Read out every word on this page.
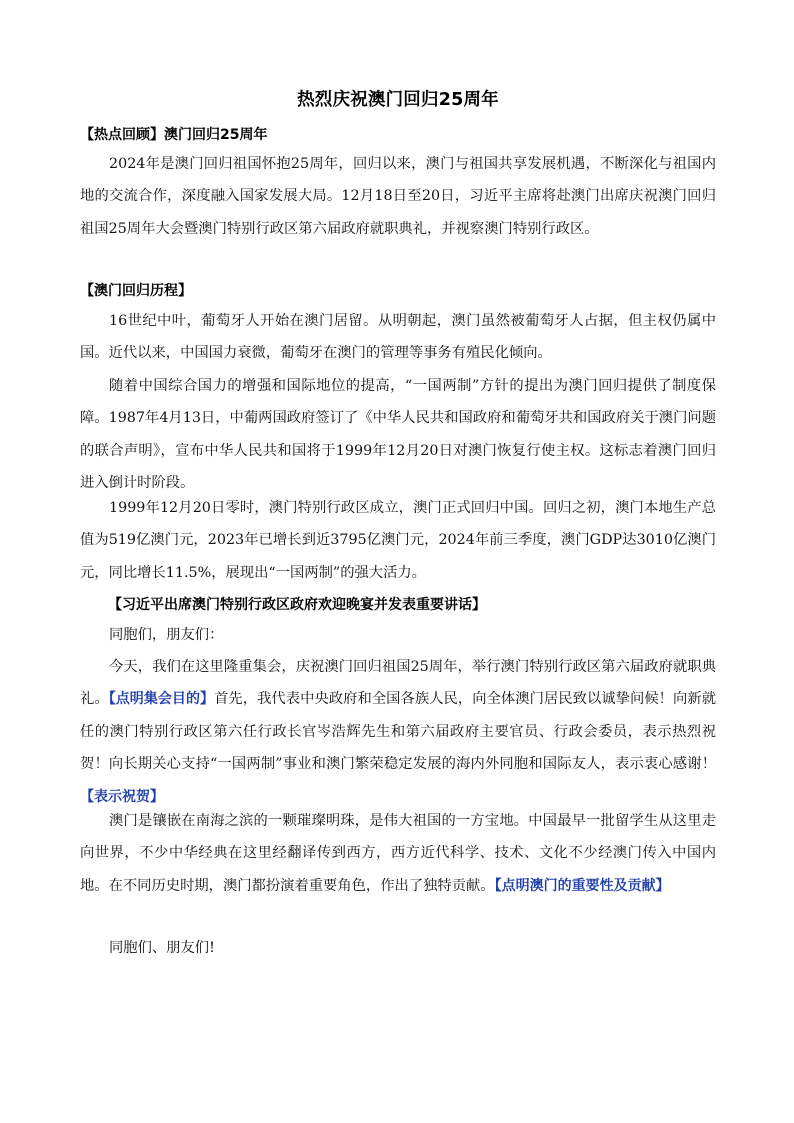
热烈庆祝澳门回归25周年
【热点回顾】澳门回归25周年
2024年是澳门回归祖国怀抱25周年，回归以来，澳门与祖国共享发展机遇，不断深化与祖国内地的交流合作，深度融入国家发展大局。12月18日至20日，习近平主席将赴澳门出席庆祝澳门回归祖国25周年大会暨澳门特别行政区第六届政府就职典礼，并视察澳门特别行政区。
【澳门回归历程】
16世纪中叶，葡萄牙人开始在澳门居留。从明朝起，澳门虽然被葡萄牙人占据，但主权仍属中国。近代以来，中国国力衰微，葡萄牙在澳门的管理等事务有殖民化倾向。
随着中国综合国力的增强和国际地位的提高，“一国两制”方针的提出为澳门回归提供了制度保障。1987年4月13日，中葡两国政府签订了《中华人民共和国政府和葡萄牙共和国政府关于澳门问题的联合声明》，宣布中华人民共和国将于1999年12月20日对澳门恢复行使主权。这标志着澳门回归进入倒计时阶段。
1999年12月20日零时，澳门特别行政区成立，澳门正式回归中国。回归之初，澳门本地生产总值为519亿澳门元，2023年已增长到近3795亿澳门元，2024年前三季度，澳门GDP达3010亿澳门元，同比增长11.5%，展现出“一国两制”的强大活力。
【习近平出席澳门特别行政区政府欢迎晚宴并发表重要讲话】
同胞们，朋友们：
今天，我们在这里隆重集会，庆祝澳门回归祖国25周年，举行澳门特别行政区第六届政府就职典礼。【点明集会目的】首先，我代表中央政府和全国各族人民，向全体澳门居民致以诚挚问候！向新就任的澳门特别行政区第六任行政长官岑浩辉先生和第六届政府主要官员、行政会委员，表示热烈祝贺！向长期关心支持“一国两制”事业和澳门繁荣稳定发展的海内外同胞和国际友人，表示衷心感谢！【表示祝贺】
澳门是镶嵌在南海之滨的一颗璀璨明珠，是伟大祖国的一方宝地。中国最早一批留学生从这里走向世界，不少中华经典在这里经翻译传到西方，西方近代科学、技术、文化不少经澳门传入中国内地。在不同历史时期，澳门都扮演着重要角色，作出了独特贡献。【点明澳门的重要性及贡献】
同胞们、朋友们!
